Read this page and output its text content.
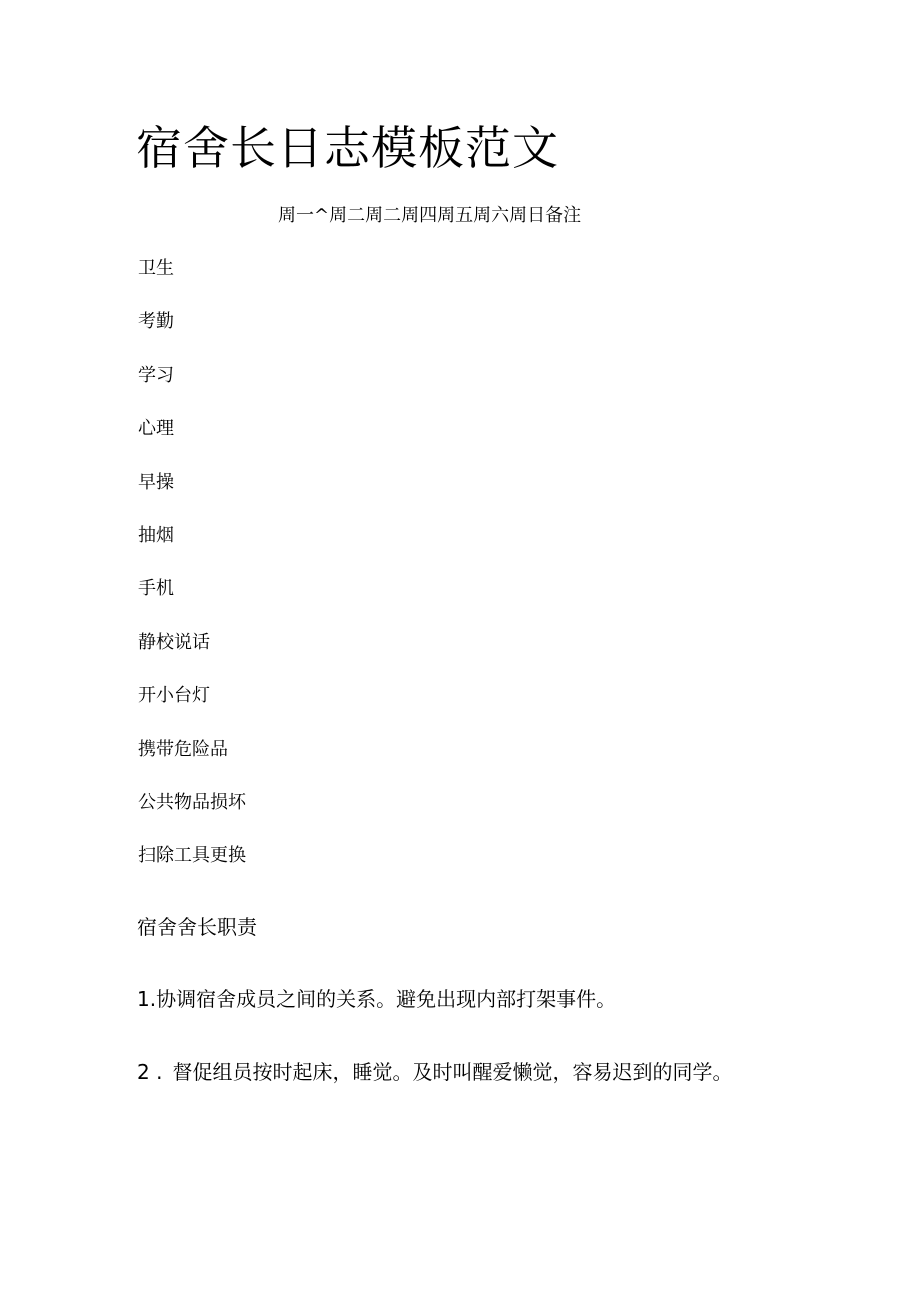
宿舍长日志模板范文
周一^周二周二周四周五周六周日备注
卫生
考勤
学习
心理
早操
抽烟
手机
静校说话
开小台灯
携带危险品
公共物品损坏
扫除工具更换
宿舍舍长职责

1.协调宿舍成员之间的关系。避免出现内部打架事件。

2 . 督促组员按时起床，睡觉。及时叫醒爱懒觉，容易迟到的同学。
